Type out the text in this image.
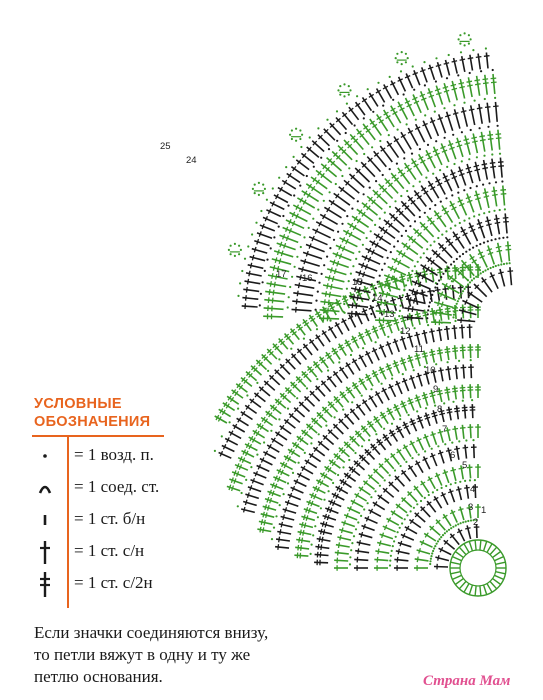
1
2
3
4
5
6
7
8
9
10
11
12
13
14
15
16
17
24
25
УСЛОВНЫЕ
ОБОЗНАЧЕНИЯ
= 1 возд. п.
= 1 соед. ст.
= 1 ст. б/н
= 1 ст. с/н
= 1 ст. с/2н
Если значки соединяются внизу,
то петли вяжут в одну и ту же
петлю основания.	Страна Мам
